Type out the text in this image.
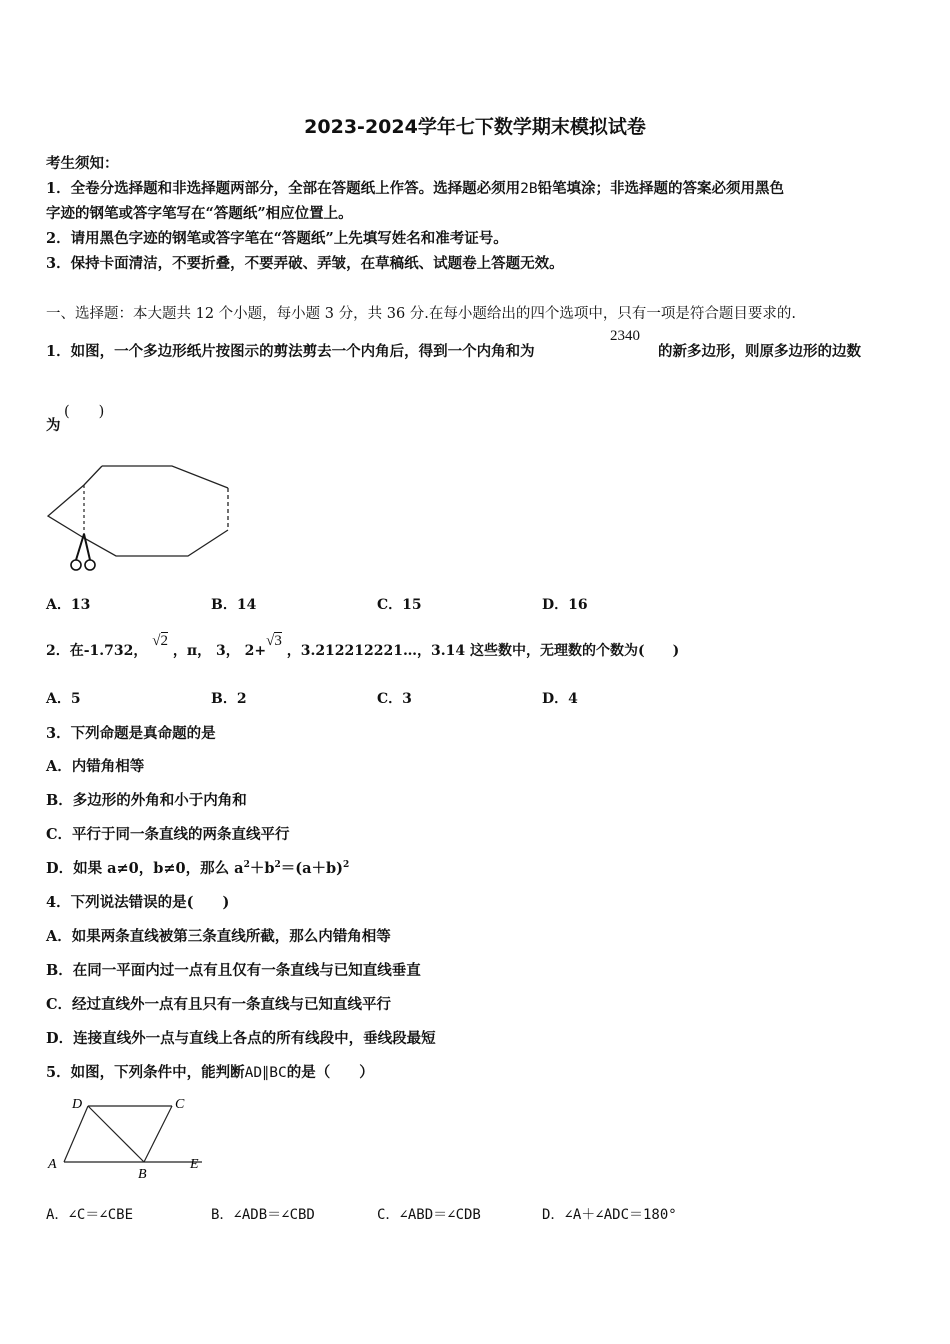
2023-2024学年七下数学期末模拟试卷
考生须知：
1．全卷分选择题和非选择题两部分，全部在答题纸上作答。选择题必须用2B铅笔填涂；非选择题的答案必须用黑色
字迹的钢笔或答字笔写在“答题纸”相应位置上。
2．请用黑色字迹的钢笔或答字笔在“答题纸”上先填写姓名和准考证号。
3．保持卡面清洁，不要折叠，不要弄破、弄皱，在草稿纸、试题卷上答题无效。
一、选择题：本大题共 12 个小题，每小题 3 分，共 36 分.在每小题给出的四个选项中，只有一项是符合题目要求的.
1．如图，一个多边形纸片按图示的剪法剪去一个内角后，得到一个内角和为
2340
的新多边形，则原多边形的边数
为
(　　)
A．13	B．14	C．15	D．16
2．在-1.732， √2 ，π， 3， 2+√3 ，3.212212221…，3.14 这些数中，无理数的个数为(　　)
A．5	B．2	C．3	D．4
3．下列命题是真命题的是
A．内错角相等
B．多边形的外角和小于内角和
C．平行于同一条直线的两条直线平行
D．如果 a≠0，b≠0，那么 $a^2+b^2=(a+b)^2$
4．下列说法错误的是(　　)
A．如果两条直线被第三条直线所截，那么内错角相等
B．在同一平面内过一点有且仅有一条直线与已知直线垂直
C．经过直线外一点有且只有一条直线与已知直线平行
D．连接直线外一点与直线上各点的所有线段中，垂线段最短
5．如图，下列条件中，能判断AD∥BC的是（　　）
D	C
A
B
E
A．∠C＝∠CBE	B．∠ADB＝∠CBD	C．∠ABD＝∠CDB	D．∠A＋∠ADC＝180°
